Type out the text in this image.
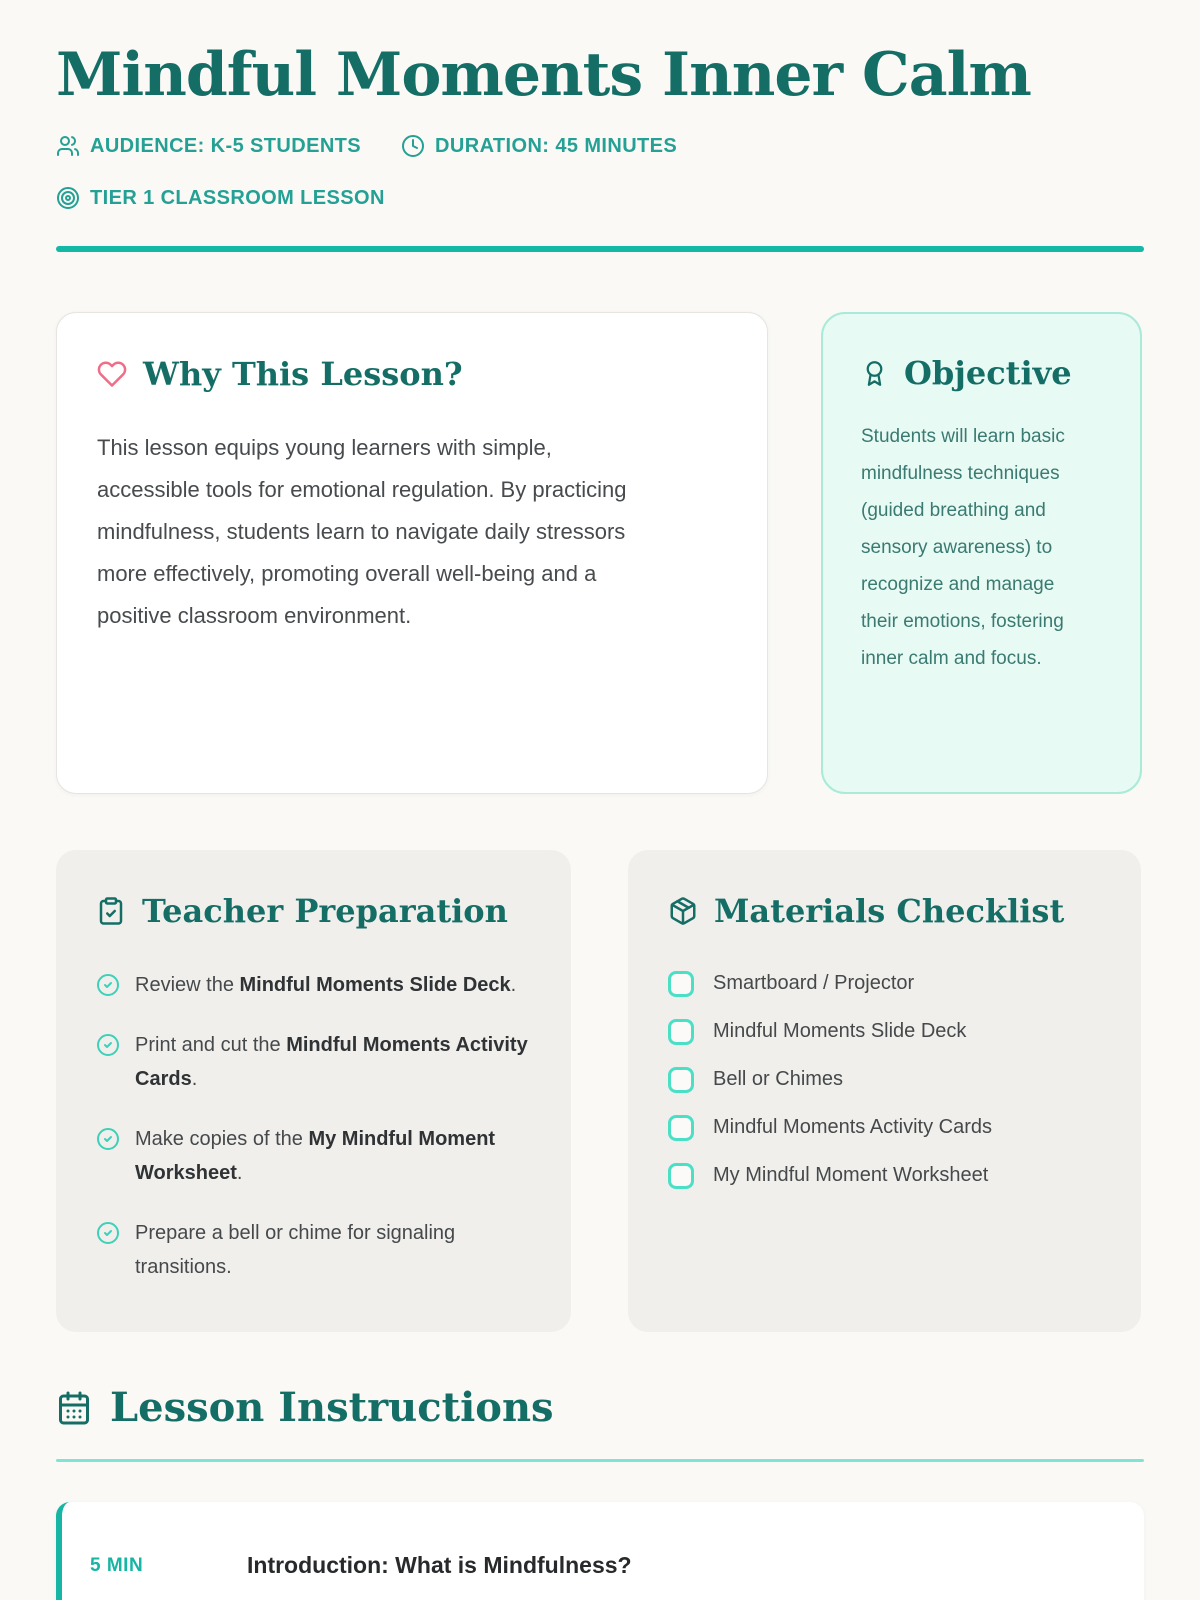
Mindful Moments Inner Calm
AUDIENCE: K-5 STUDENTS	DURATION: 45 MINUTES
TIER 1 CLASSROOM LESSON
Why This Lesson?

This lesson equips young learners with simple, accessible tools for emotional regulation. By practicing mindfulness, students learn to navigate daily stressors more effectively, promoting overall well-being and a positive classroom environment.

Objective

Students will learn basic mindfulness techniques (guided breathing and sensory awareness) to recognize and manage their emotions, fostering inner calm and focus.

Teacher Preparation
Review the Mindful Moments Slide Deck.
Print and cut the Mindful Moments Activity Cards.
Make copies of the My Mindful Moment Worksheet.
Prepare a bell or chime for signaling transitions.
Materials Checklist
Smartboard / Projector
Mindful Moments Slide Deck
Bell or Chimes
Mindful Moments Activity Cards
My Mindful Moment Worksheet
Lesson Instructions
5 MIN	Introduction: What is Mindfulness?
